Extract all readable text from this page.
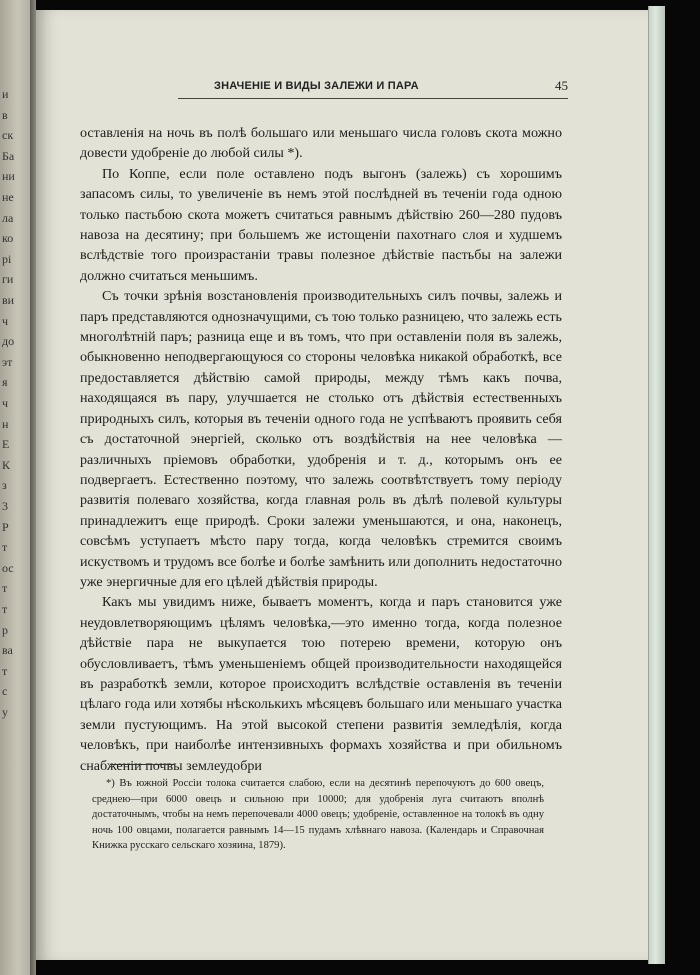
и
в
ск
Ба
ни
не
ла
ко
pi
ги
ви
ч
до
эт
я
ч
н
Е
К
з
3
Р
т
ос
т
т
р
ва
т
с
у
ЗНАЧЕНІЕ И ВИДЫ ЗАЛЕЖИ И ПАРА	45

оставленія на ночь въ полѣ большаго или меньшаго числа головъ скота можно довести удобреніе до любой силы *).

По Коппе, если поле оставлено подъ выгонъ (залежь) съ хорошимъ запасомъ силы, то увеличеніе въ немъ этой послѣдней въ теченіи года одною только пастьбою скота можетъ считаться равнымъ дѣйствію 260—280 пудовъ навоза на десятину; при большемъ же истощеніи пахотнаго слоя и худшемъ вслѣдствіе того произрастаніи травы полезное дѣйствіе пастьбы на залежи должно считаться меньшимъ.

Съ точки зрѣнія возстановленія производительныхъ силъ почвы, залежь и паръ представляются однозначущими, съ тою только разницею, что залежь есть многолѣтній паръ; разница еще и въ томъ, что при оставленіи поля въ залежь, обыкновенно неподвергающуюся со стороны человѣка никакой обработкѣ, все предоставляется дѣйствію самой природы, между тѣмъ какъ почва, находящаяся въ пару, улучшается не столько отъ дѣйствія естественныхъ природныхъ силъ, которыя въ теченіи одного года не успѣваютъ проявить себя съ достаточной энергіей, сколько отъ воздѣйствія на нее человѣка — различныхъ пріемовъ обработки, удобренія и т. д., которымъ онъ ее подвергаетъ. Естественно поэтому, что залежь соотвѣтствуетъ тому періоду развитія полеваго хозяйства, когда главная роль въ дѣлѣ полевой культуры принадлежитъ еще природѣ. Сроки залежи уменьшаются, и она, наконецъ, совсѣмъ уступаетъ мѣсто пару тогда, когда человѣкъ стремится своимъ искуствомъ и трудомъ все болѣе и болѣе замѣнить или дополнить недостаточно уже энергичные для его цѣлей дѣйствія природы.

Какъ мы увидимъ ниже, бываетъ моментъ, когда и паръ становится уже неудовлетворяющимъ цѣлямъ человѣка,—это именно тогда, когда полезное дѣйствіе пара не выкупается тою потерею времени, которую онъ обусловливаетъ, тѣмъ уменьшеніемъ общей производительности находящейся въ разработкѣ земли, которое происходитъ вслѣдствіе оставленія въ теченіи цѣлаго года или хотябы нѣсколькихъ мѣсяцевъ большаго или меньшаго участка земли пустующимъ. На этой высокой степени развитія земледѣлія, когда человѣкъ, при наиболѣе интензивныхъ формахъ хозяйства и при обильномъ снабженіи почвы землеудобри

*) Въ южной Россіи толока считается слабою, если на десятинѣ перепочуютъ до 600 овецъ, среднею—при 6000 овецъ и сильною при 10000; для удобренія луга считаютъ вполнѣ достаточнымъ, чтобы на немъ перепочевали 4000 овецъ; удобреніе, оставленное на толокѣ въ одну ночь 100 овцами, полагается равнымъ 14—15 пудамъ хлѣвнаго навоза. (Календарь и Справочная Книжка русскаго сельскаго хозяина, 1879).
